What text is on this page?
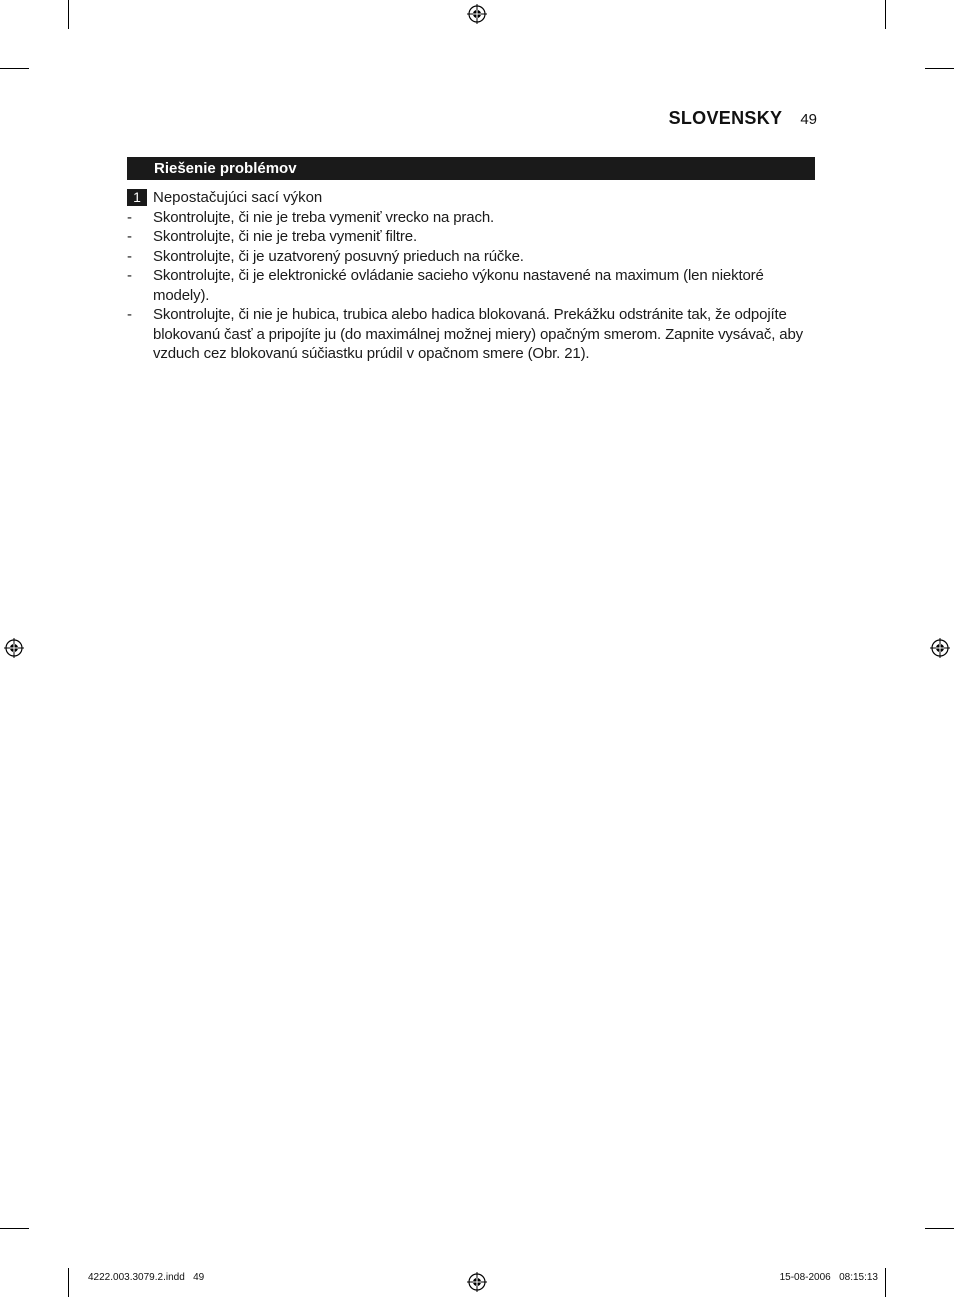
SLOVENSKY 49
Riešenie problémov
1 Nepostačujúci sací výkon
-	Skontrolujte, či nie je treba vymeniť vrecko na prach.
-	Skontrolujte, či nie je treba vymeniť filtre.
-	Skontrolujte, či je uzatvorený posuvný prieduch na rúčke.
-	Skontrolujte, či je elektronické ovládanie sacieho výkonu nastavené na maximum (len niektoré modely).
-	Skontrolujte, či nie je hubica, trubica alebo hadica blokovaná. Prekážku odstránite tak, že odpojíte blokovanú časť a pripojíte ju (do maximálnej možnej miery) opačným smerom. Zapnite vysávač, aby vzduch cez blokovanú súčiastku prúdil v opačnom smere (Obr. 21).
4222.003.3079.2.indd   49	15-08-2006   08:15:13
